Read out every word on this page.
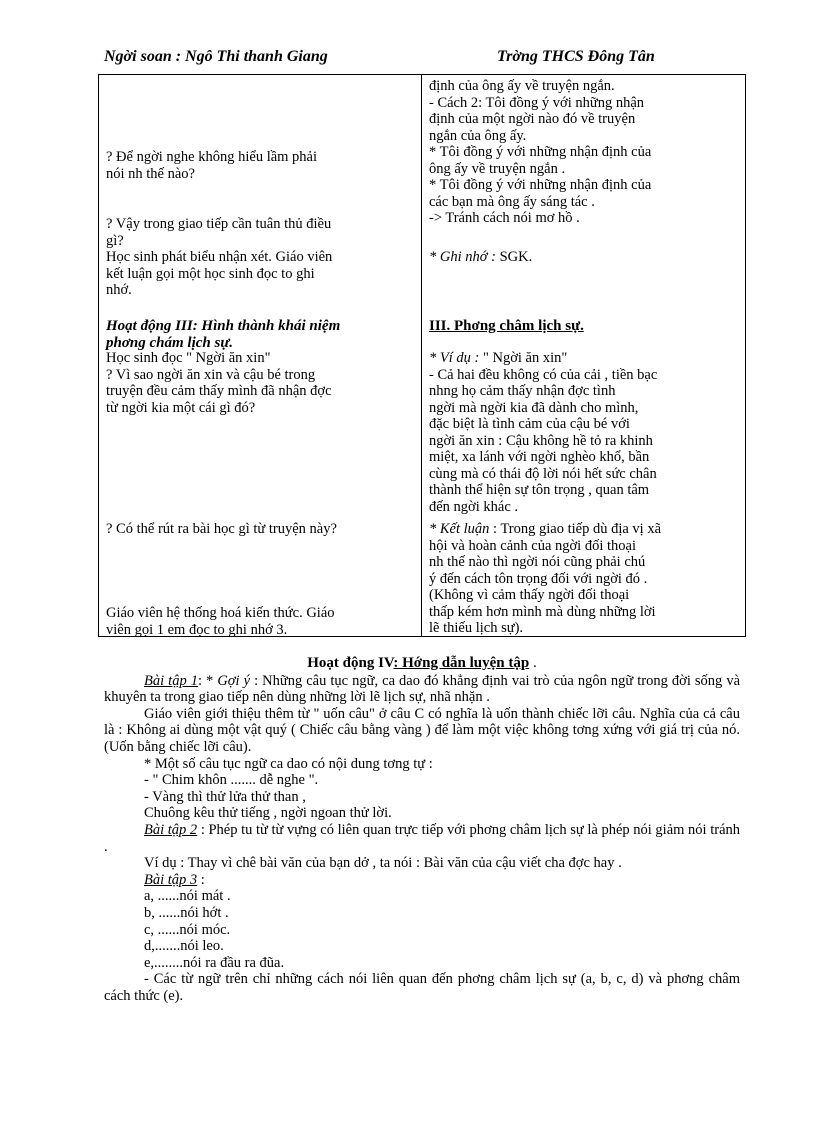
Ngời soan : Ngô Thi thanh Giang	Trờng THCS Đông Tân
định của ông ấy về truyện ngắn.
- Cách 2: Tôi đồng ý với những nhận
định của một ngời nào đó về truyện
ngắn của ông ấy.
* Tôi đồng ý với những nhận định của
ông ấy về truyện ngắn .
* Tôi đồng ý với những nhận định của
các bạn mà ông ấy sáng tác .
-> Tránh cách nói mơ hồ .
? Để ngời nghe không hiểu lầm phải
nói nh thế nào?
? Vậy trong giao tiếp cần tuân thủ điều
gì?
Học sinh phát biểu nhận xét. Giáo viên
kết luận gọi một học sinh đọc to ghi
nhớ.
* Ghi nhớ : SGK.
Hoạt động III: Hình thành khái niệm
phơng chám lịch sự.
III. Phơng châm lịch sự.
Học sinh đọc " Ngời ăn xin"
? Vì sao ngời ăn xin và cậu bé trong
truyện đều cảm thấy mình đã nhận đợc
từ ngời kia một cái gì đó?
* Ví dụ : " Ngời ăn xin"
- Cả hai đều không có của cải , tiền bạc
nhng họ cảm thấy nhận đợc tình
ngời mà ngời kia đã dành cho mình,
đặc biệt là tình cảm của cậu bé với
ngời ăn xin : Cậu không hề tỏ ra khinh
miệt, xa lánh với ngời nghèo khổ, bần
cùng mà có thái độ lời nói hết sức chân
thành thể hiện sự tôn trọng , quan tâm
đến ngời khác .
? Có thể rút ra bài học gì từ truyện này?	* Kết luận : Trong giao tiếp dù địa vị xã
hội và hoàn cảnh của ngời đối thoại
nh thế nào thì ngời nói cũng phải chú
ý đến cách tôn trọng đối với ngời đó .
(Không vì cảm thấy ngời đối thoại
thấp kém hơn mình mà dùng những lời
lẽ thiếu lịch sự).
Giáo viên hệ thống hoá kiến thức. Giáo
viên gọi 1 em đọc to ghi nhớ 3.
Hoạt động IV: Hớng dẫn luyện tập .
Bài tập 1: * Gợi ý : Những câu tục ngữ, ca dao đó khẳng định vai trò của ngôn ngữ trong đời sống và khuyên ta trong giao tiếp nên dùng những lời lẽ lịch sự, nhã nhặn .
Giáo viên giới thiệu thêm từ " uốn câu" ở câu C có nghĩa là uốn thành chiếc lỡi câu. Nghĩa của cả câu là : Không ai dùng một vật quý ( Chiếc câu bằng vàng ) để làm một việc không tơng xứng với giá trị của nó. (Uốn bằng chiếc lỡi câu).
* Một số câu tục ngữ ca dao có nội dung tơng tự :
- " Chim khôn ....... dễ nghe ".
- Vàng thì thử lửa thử than ,
Chuông kêu thử tiếng , ngời ngoan thử lời.
Bài tập 2 : Phép tu từ từ vựng có liên quan trực tiếp với phơng châm lịch sự là phép nói giảm nói tránh .
Ví dụ : Thay vì chê bài văn của bạn dở , ta nói : Bài văn của cậu viết cha đợc hay .
Bài tập 3 :
a, ......nói mát .
b, ......nói hớt .
c, ......nói móc.
d,.......nói leo.
e,........nói ra đầu ra đũa.
- Các từ ngữ trên chỉ những cách nói liên quan đến phơng châm lịch sự (a, b, c, d) và phơng châm cách thức (e).
